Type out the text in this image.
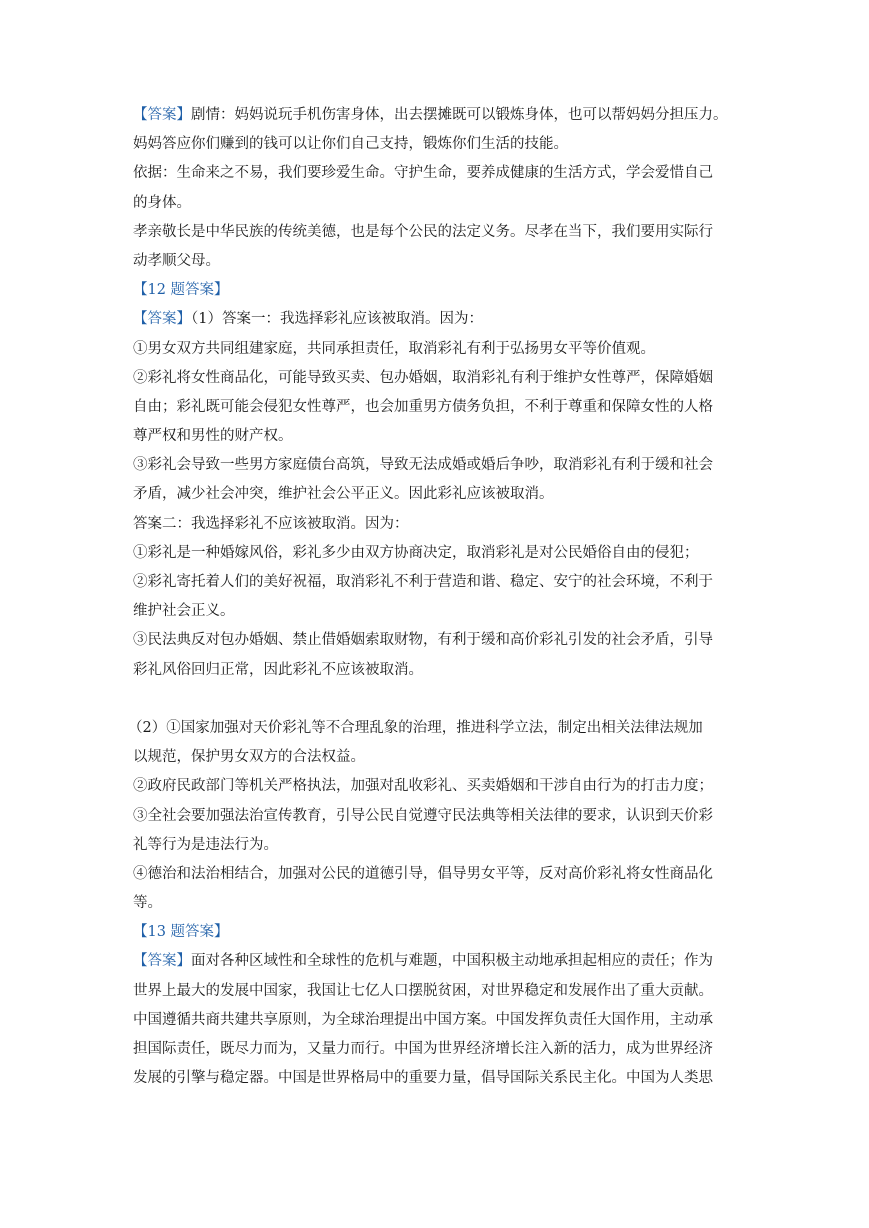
【答案】剧情：妈妈说玩手机伤害身体，出去摆摊既可以锻炼身体，也可以帮妈妈分担压力。
妈妈答应你们赚到的钱可以让你们自己支持，锻炼你们生活的技能。
依据：生命来之不易，我们要珍爱生命。守护生命，要养成健康的生活方式，学会爱惜自己
的身体。
孝亲敬长是中华民族的传统美德，也是每个公民的法定义务。尽孝在当下，我们要用实际行
动孝顺父母。
【12 题答案】
【答案】（1）答案一：我选择彩礼应该被取消。因为：
①男女双方共同组建家庭，共同承担责任，取消彩礼有利于弘扬男女平等价值观。
②彩礼将女性商品化，可能导致买卖、包办婚姻，取消彩礼有利于维护女性尊严，保障婚姻
自由；彩礼既可能会侵犯女性尊严，也会加重男方债务负担，不利于尊重和保障女性的人格
尊严权和男性的财产权。
③彩礼会导致一些男方家庭债台高筑，导致无法成婚或婚后争吵，取消彩礼有利于缓和社会
矛盾，减少社会冲突，维护社会公平正义。因此彩礼应该被取消。
答案二：我选择彩礼不应该被取消。因为：
①彩礼是一种婚嫁风俗，彩礼多少由双方协商决定，取消彩礼是对公民婚俗自由的侵犯；
②彩礼寄托着人们的美好祝福，取消彩礼不利于营造和谐、稳定、安宁的社会环境，不利于
维护社会正义。
③民法典反对包办婚姻、禁止借婚姻索取财物，有利于缓和高价彩礼引发的社会矛盾，引导
彩礼风俗回归正常，因此彩礼不应该被取消。
（2）①国家加强对天价彩礼等不合理乱象的治理，推进科学立法，制定出相关法律法规加
以规范，保护男女双方的合法权益。
②政府民政部门等机关严格执法，加强对乱收彩礼、买卖婚姻和干涉自由行为的打击力度；
③全社会要加强法治宣传教育，引导公民自觉遵守民法典等相关法律的要求，认识到天价彩
礼等行为是违法行为。
④德治和法治相结合，加强对公民的道德引导，倡导男女平等，反对高价彩礼将女性商品化
等。
【13 题答案】
【答案】面对各种区域性和全球性的危机与难题，中国积极主动地承担起相应的责任；作为
世界上最大的发展中国家，我国让七亿人口摆脱贫困，对世界稳定和发展作出了重大贡献。
中国遵循共商共建共享原则，为全球治理提出中国方案。中国发挥负责任大国作用，主动承
担国际责任，既尽力而为，又量力而行。中国为世界经济增长注入新的活力，成为世界经济
发展的引擎与稳定器。中国是世界格局中的重要力量，倡导国际关系民主化。中国为人类思
